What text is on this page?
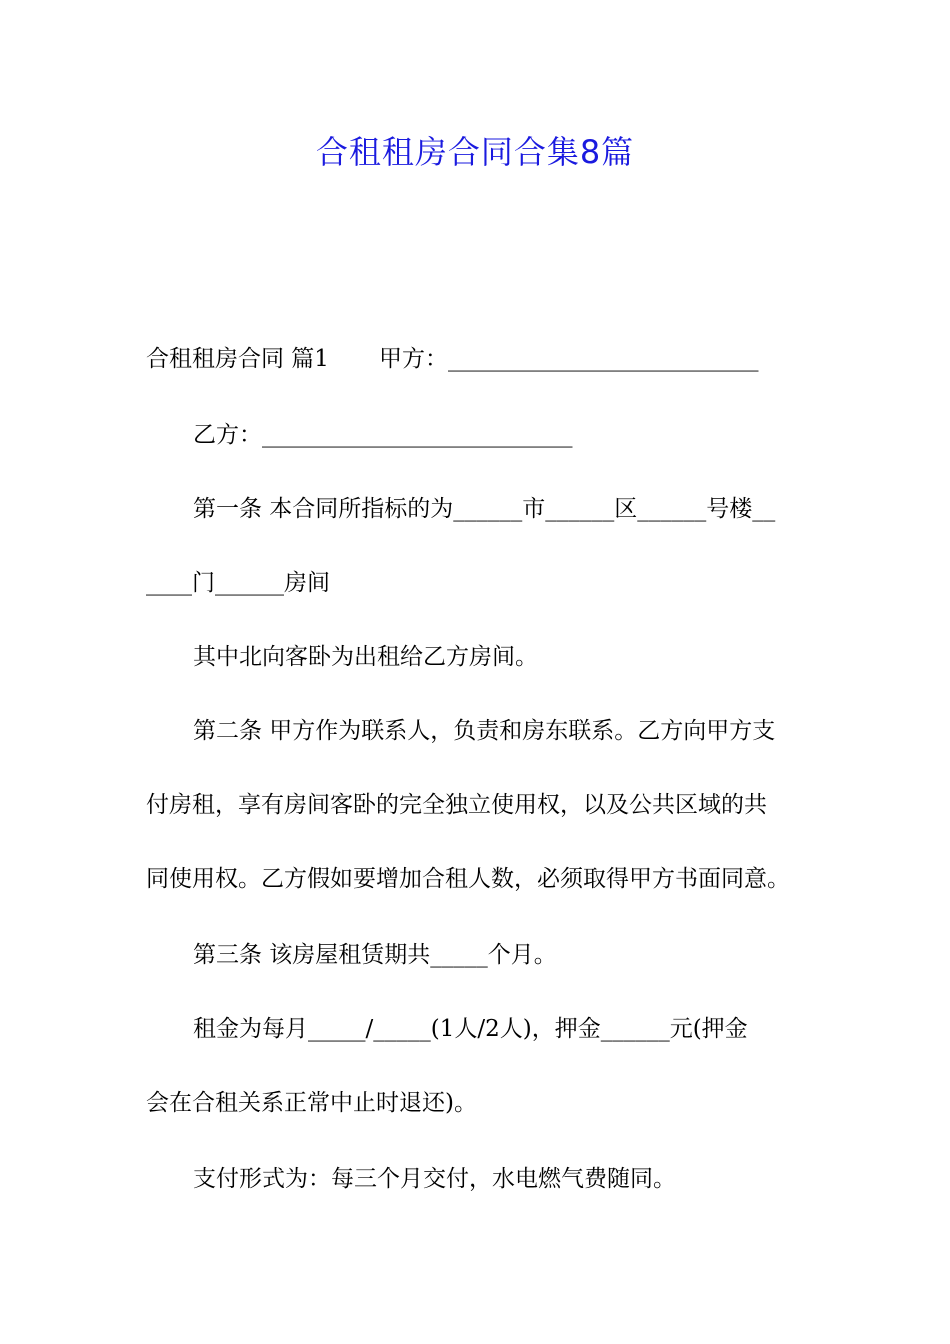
合租租房合同合集8篇
合租租房合同 篇1 甲方：___________________________
乙方：___________________________
第一条 本合同所指标的为______市______区______号楼__
____门______房间
其中北向客卧为出租给乙方房间。
第二条 甲方作为联系人，负责和房东联系。乙方向甲方支
付房租，享有房间客卧的完全独立使用权，以及公共区域的共
同使用权。乙方假如要增加合租人数，必须取得甲方书面同意。
第三条 该房屋租赁期共_____个月。
租金为每月_____/_____(1人/2人)，押金______元(押金
会在合租关系正常中止时退还)。
支付形式为：每三个月交付，水电燃气费随同。
